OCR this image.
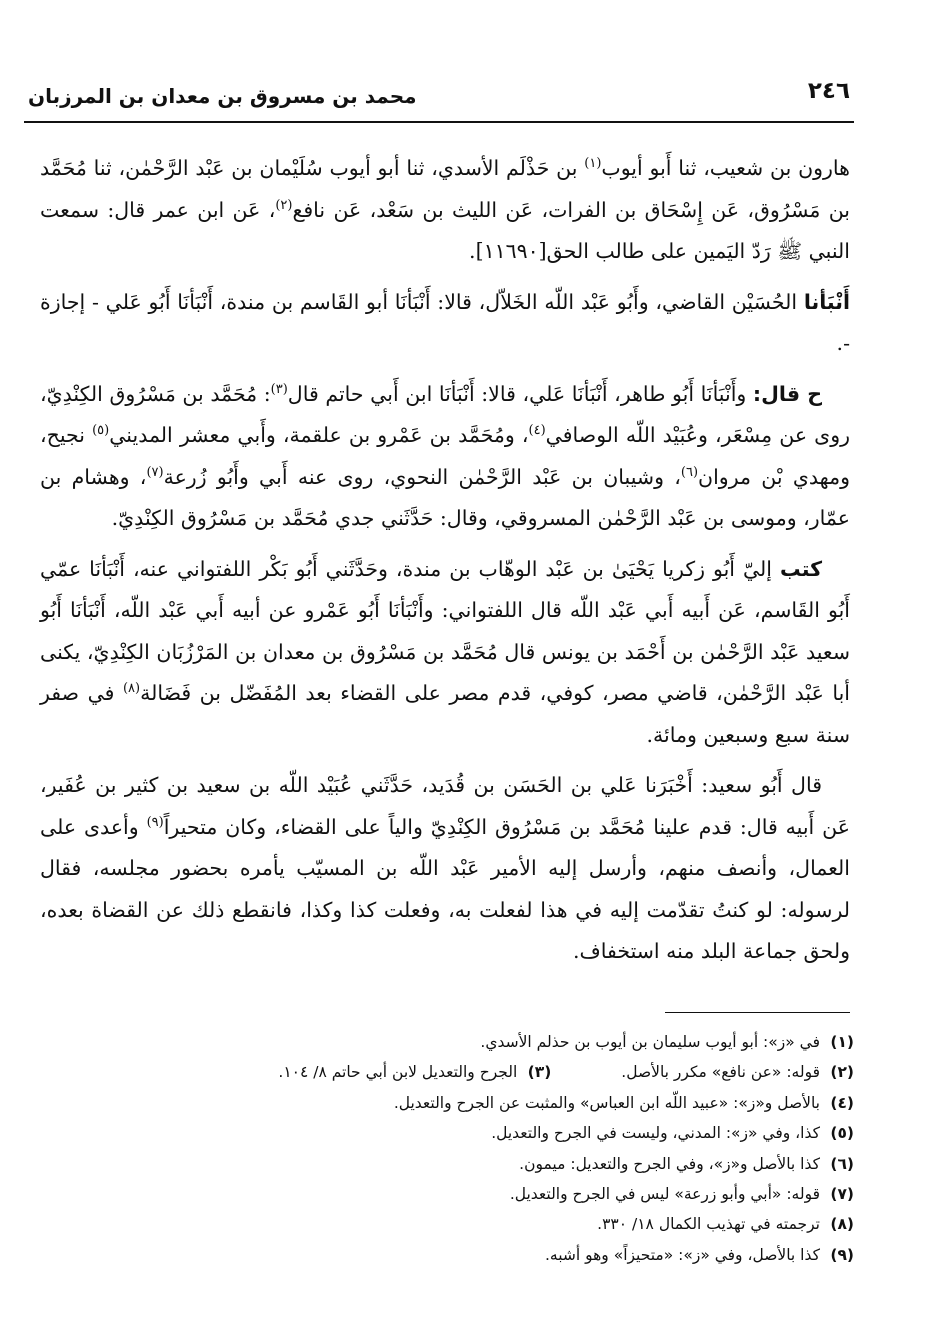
٢٤٦
محمد بن مسروق بن معدان بن المرزبان

هارون بن شعيب، ثنا أَبو أيوب$^{(١)}$ بن حَذْلَم الأسدي، ثنا أبو أيوب سُلَيْمان بن عَبْد الرَّحْمٰن، ثنا مُحَمَّد بن مَسْرُوق، عَن إِسْحَاق بن الفرات، عَن الليث بن سَعْد، عَن نافع$^{(٢)}$، عَن ابن عمر قال: سمعت النبي ﷺ رَدّ اليَمين على طالب الحق[١١٦٩٠].

أَنْبَأنا الحُسَيْن القاضي، وأَبُو عَبْد اللّه الخَلاّل، قالا: أَنْبَأنَا أبو القَاسم بن مندة، أَنْبَأنَا أَبُو عَلي - إجازة -.

ح قال: وأَنْبَأنَا أَبُو طاهر، أَنْبَأنَا عَلي، قالا: أَنْبَأنَا ابن أَبي حاتم قال$^{(٣)}$: مُحَمَّد بن مَسْرُوق الكِنْدِيّ، روى عن مِسْعَر، وعُبَيْد اللّه الوصافي$^{(٤)}$، ومُحَمَّد بن عَمْرو بن علقمة، وأَبي معشر المديني$^{(٥)}$ نجيح، ومهدي بْن مروان$^{(٦)}$، وشيبان بن عَبْد الرَّحْمٰن النحوي، روى عنه أَبي وأَبُو زُرعة$^{(٧)}$، وهشام بن عمّار، وموسى بن عَبْد الرَّحْمٰن المسروقي، وقال: حَدَّثَني جدي مُحَمَّد بن مَسْرُوق الكِنْدِيّ.

كتب إليّ أَبُو زكريا يَحْيَىٰ بن عَبْد الوهّاب بن مندة، وحَدَّثَني أَبُو بَكْر اللفتواني عنه، أَنْبَأنَا عمّي أَبُو القَاسم، عَن أَبيه أَبي عَبْد اللّه قال اللفتواني: وأَنْبَأنَا أَبُو عَمْرو عن أبيه أَبي عَبْد اللّه، أَنْبَأنَا أَبُو سعيد عَبْد الرَّحْمٰن بن أَحْمَد بن يونس قال مُحَمَّد بن مَسْرُوق بن معدان بن المَرْزُبَان الكِنْدِيّ، يكنى أبا عَبْد الرَّحْمٰن، قاضي مصر، كوفي، قدم مصر على القضاء بعد المُفَضّل بن فَضَالة$^{(٨)}$ في صفر سنة سبع وسبعين ومائة.

قال أَبُو سعيد: أَخْبَرَنا عَلي بن الحَسَن بن قُدَيد، حَدَّثَني عُبَيْد اللّه بن سعيد بن كثير بن عُفَير، عَن أَبيه قال: قدم علينا مُحَمَّد بن مَسْرُوق الكِنْدِيّ والياً على القضاء، وكان متحيراً$^{(٩)}$ وأعدى على العمال، وأنصف منهم، وأرسل إليه الأمير عَبْد اللّه بن المسيّب يأمره بحضور مجلسه، فقال لرسوله: لو كنتُ تقدّمت إليه في هذا لفعلت به، وفعلت كذا وكذا، فانقطع ذلك عن القضاة بعده، ولحق جماعة البلد منه استخفاف.

(١)
في «ز»: أبو أيوب سليمان بن أيوب بن حذلم الأسدي.
(٢)
قوله: «عن نافع» مكرر بالأصل.
(٣)
الجرح والتعديل لابن أبي حاتم ٨/ ١٠٤.
(٤)
بالأصل و«ز»: «عبيد اللّه ابن العباس» والمثبت عن الجرح والتعديل.
(٥)
كذا، وفي «ز»: المدني، وليست في الجرح والتعديل.
(٦)
كذا بالأصل و«ز»، وفي الجرح والتعديل: ميمون.
(٧)
قوله: «أبي وأبو زرعة» ليس في الجرح والتعديل.
(٨)
ترجمته في تهذيب الكمال ١٨/ ٣٣٠.
(٩)
كذا بالأصل، وفي «ز»: «متحيزاً» وهو أشبه.
